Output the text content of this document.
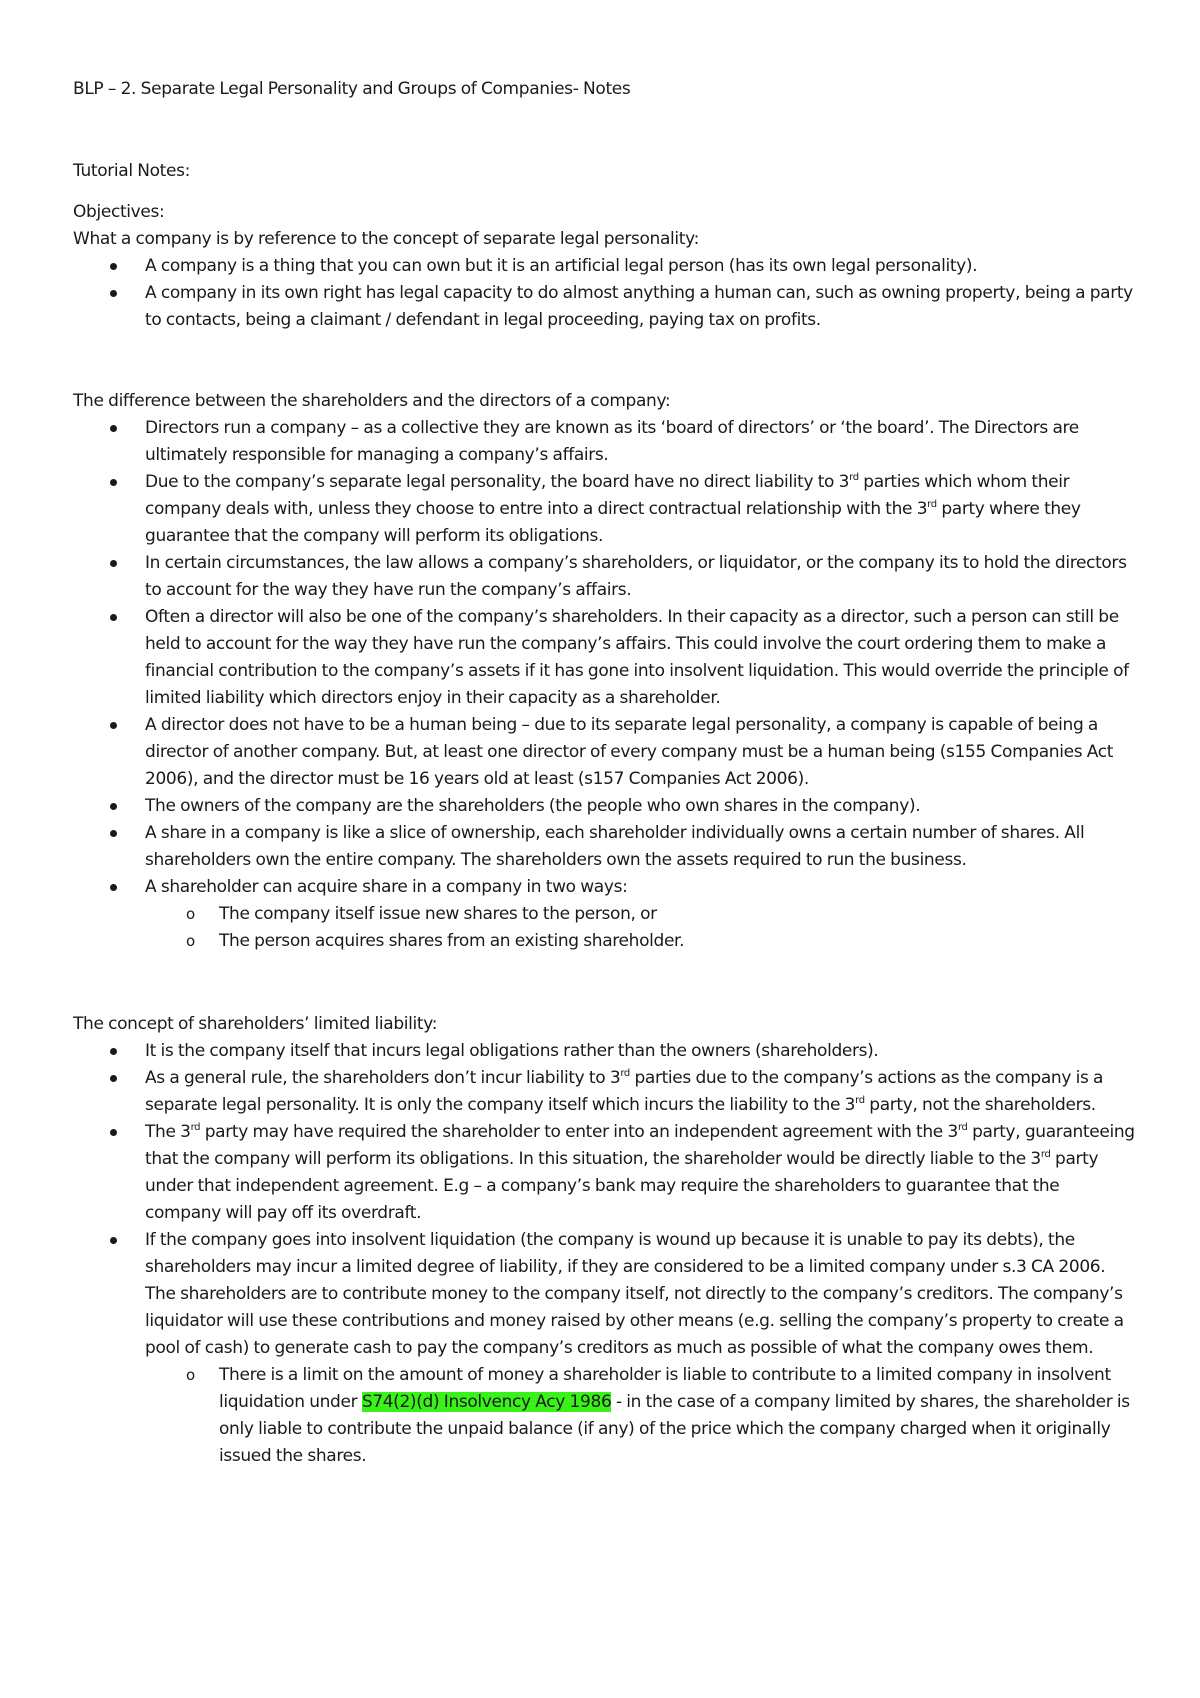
BLP – 2. Separate Legal Personality and Groups of Companies- Notes

Tutorial Notes:

Objectives:

What a company is by reference to the concept of separate legal personality:

A company is a thing that you can own but it is an artificial legal person (has its own legal personality).
A company in its own right has legal capacity to do almost anything a human can, such as owning property, being a party to contacts, being a claimant / defendant in legal proceeding, paying tax on profits.

The difference between the shareholders and the directors of a company:

Directors run a company – as a collective they are known as its ‘board of directors’ or ‘the board’. The Directors are ultimately responsible for managing a company’s affairs.
Due to the company’s separate legal personality, the board have no direct liability to 3rd parties which whom their company deals with, unless they choose to entre into a direct contractual relationship with the 3rd party where they guarantee that the company will perform its obligations.
In certain circumstances, the law allows a company’s shareholders, or liquidator, or the company its to hold the directors to account for the way they have run the company’s affairs.
Often a director will also be one of the company’s shareholders. In their capacity as a director, such a person can still be held to account for the way they have run the company’s affairs. This could involve the court ordering them to make a financial contribution to the company’s assets if it has gone into insolvent liquidation. This would override the principle of limited liability which directors enjoy in their capacity as a shareholder.
A director does not have to be a human being – due to its separate legal personality, a company is capable of being a director of another company. But, at least one director of every company must be a human being (s155 Companies Act 2006), and the director must be 16 years old at least (s157 Companies Act 2006).
The owners of the company are the shareholders (the people who own shares in the company).
A share in a company is like a slice of ownership, each shareholder individually owns a certain number of shares. All shareholders own the entire company. The shareholders own the assets required to run the business.
A shareholder can acquire share in a company in two ways:
o The company itself issue new shares to the person, or
o The person acquires shares from an existing shareholder.

The concept of shareholders’ limited liability:

It is the company itself that incurs legal obligations rather than the owners (shareholders).
As a general rule, the shareholders don’t incur liability to 3rd parties due to the company’s actions as the company is a separate legal personality. It is only the company itself which incurs the liability to the 3rd party, not the shareholders.
The 3rd party may have required the shareholder to enter into an independent agreement with the 3rd party, guaranteeing that the company will perform its obligations. In this situation, the shareholder would be directly liable to the 3rd party under that independent agreement. E.g – a company’s bank may require the shareholders to guarantee that the company will pay off its overdraft.
If the company goes into insolvent liquidation (the company is wound up because it is unable to pay its debts), the shareholders may incur a limited degree of liability, if they are considered to be a limited company under s.3 CA 2006. The shareholders are to contribute money to the company itself, not directly to the company’s creditors. The company’s liquidator will use these contributions and money raised by other means (e.g. selling the company’s property to create a pool of cash) to generate cash to pay the company’s creditors as much as possible of what the company owes them.
o There is a limit on the amount of money a shareholder is liable to contribute to a limited company in insolvent liquidation under S74(2)(d) Insolvency Acy 1986 - in the case of a company limited by shares, the shareholder is only liable to contribute the unpaid balance (if any) of the price which the company charged when it originally issued the shares.
